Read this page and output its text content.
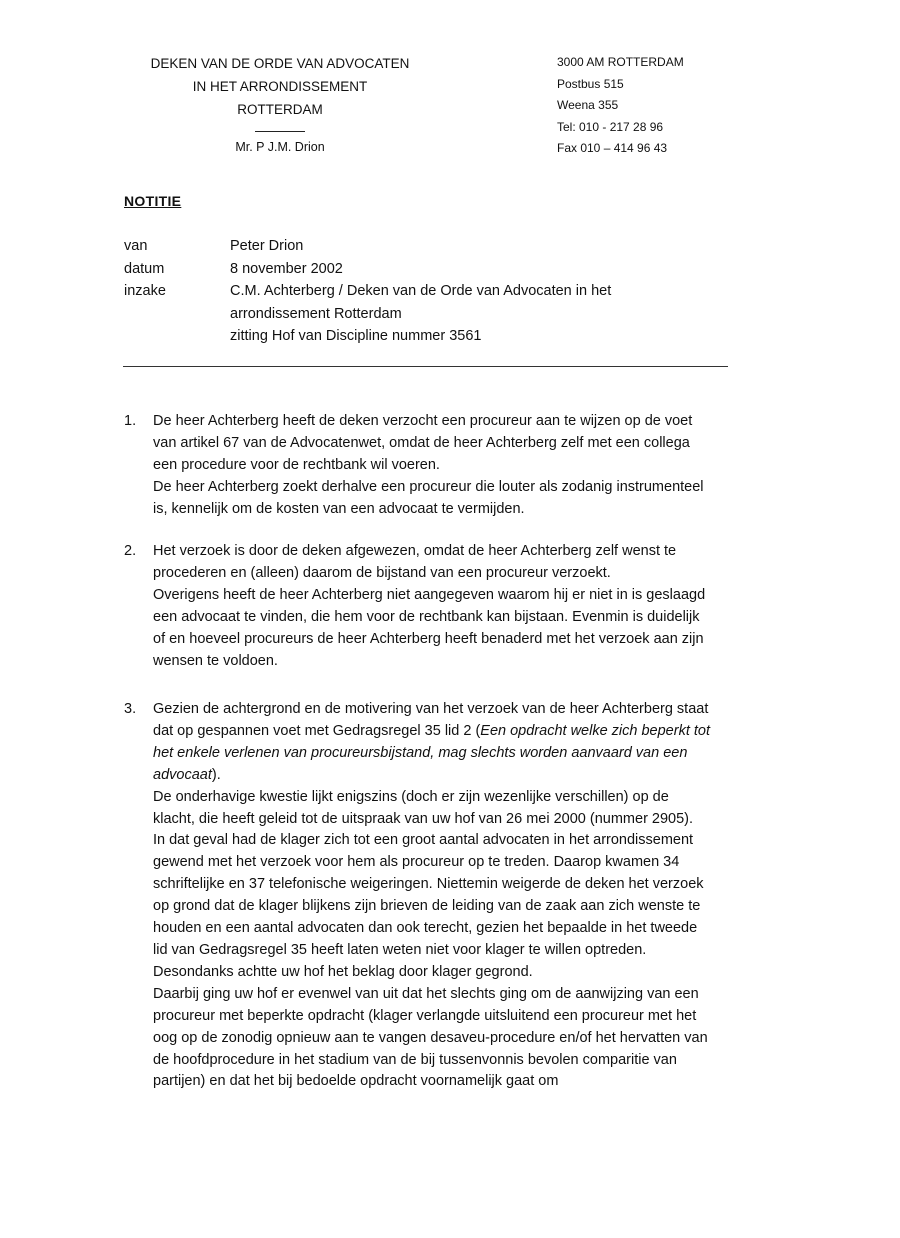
DEKEN VAN DE ORDE VAN ADVOCATEN
IN HET ARRONDISSEMENT
ROTTERDAM
Mr. P J.M. Drion
3000 AM ROTTERDAM
Postbus 515
Weena 355
Tel: 010 - 217 28 96
Fax 010 – 414 96 43
NOTITIE
van	Peter Drion
datum	8 november 2002
inzake	C.M. Achterberg / Deken van de Orde van Advocaten in het
arrondissement Rotterdam
zitting Hof van Discipline nummer 3561
1.	De heer Achterberg heeft de deken verzocht een procureur aan te wijzen op de voet
van artikel 67 van de Advocatenwet, omdat de heer Achterberg zelf met een collega
een procedure voor de rechtbank wil voeren.
De heer Achterberg zoekt derhalve een procureur die louter als zodanig instrumenteel
is, kennelijk om de kosten van een advocaat te vermijden.
2.	Het verzoek is door de deken afgewezen, omdat de heer Achterberg zelf wenst te
procederen en (alleen) daarom de bijstand van een procureur verzoekt.
Overigens heeft de heer Achterberg niet aangegeven waarom hij er niet in is geslaagd
een advocaat te vinden, die hem voor de rechtbank kan bijstaan. Evenmin is duidelijk
of en hoeveel procureurs de heer Achterberg heeft benaderd met het verzoek aan zijn
wensen te voldoen.
3.	Gezien de achtergrond en de motivering van het verzoek van de heer Achterberg staat
dat op gespannen voet met Gedragsregel 35 lid 2 (Een opdracht welke zich beperkt tot
het enkele verlenen van procureursbijstand, mag slechts worden aanvaard van een
advocaat).
De onderhavige kwestie lijkt enigszins (doch er zijn wezenlijke verschillen) op de
klacht, die heeft geleid tot de uitspraak van uw hof van 26 mei 2000 (nummer 2905).
In dat geval had de klager zich tot een groot aantal advocaten in het arrondissement
gewend met het verzoek voor hem als procureur op te treden. Daarop kwamen 34
schriftelijke en 37 telefonische weigeringen. Niettemin weigerde de deken het verzoek
op grond dat de klager blijkens zijn brieven de leiding van de zaak aan zich wenste te
houden en een aantal advocaten dan ook terecht, gezien het bepaalde in het tweede
lid van Gedragsregel 35 heeft laten weten niet voor klager te willen optreden.
Desondanks achtte uw hof het beklag door klager gegrond.
Daarbij ging uw hof er evenwel van uit dat het slechts ging om de aanwijzing van een
procureur met beperkte opdracht (klager verlangde uitsluitend een procureur met het
oog op de zonodig opnieuw aan te vangen desaveu-procedure en/of het hervatten van
de hoofdprocedure in het stadium van de bij tussenvonnis bevolen comparitie van
partijen) en dat het bij bedoelde opdracht voornamelijk gaat om
